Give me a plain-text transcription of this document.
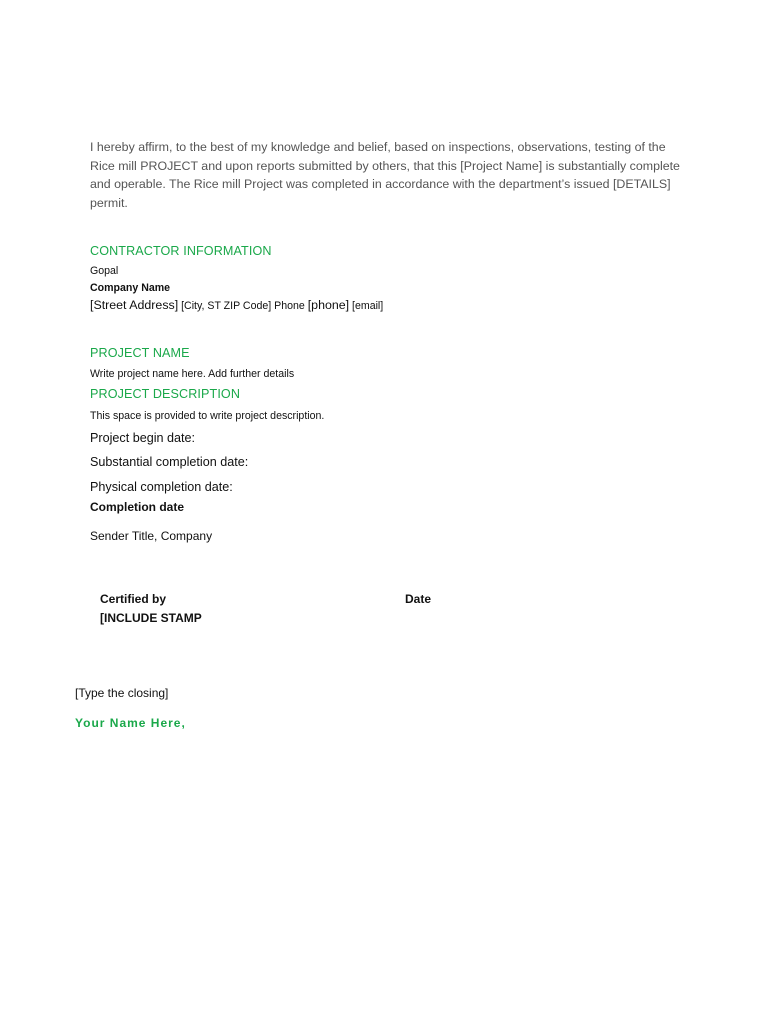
I hereby affirm, to the best of my knowledge and belief, based on inspections, observations, testing of the Rice mill PROJECT and upon reports submitted by others, that this [Project Name] is substantially complete and operable. The Rice mill Project was completed in accordance with the department’s issued [DETAILS] permit.
CONTRACTOR INFORMATION
Gopal
Company Name
[Street Address] [City, ST ZIP Code] Phone [phone] [email]
PROJECT NAME
Write project name here. Add further details
PROJECT DESCRIPTION
This space is provided to write project description.
Project begin date:
Substantial completion date:
Physical completion date:
Completion date
Sender Title, Company
Certified by	Date
[INCLUDE STAMP
[Type the closing]
Your Name Here,
